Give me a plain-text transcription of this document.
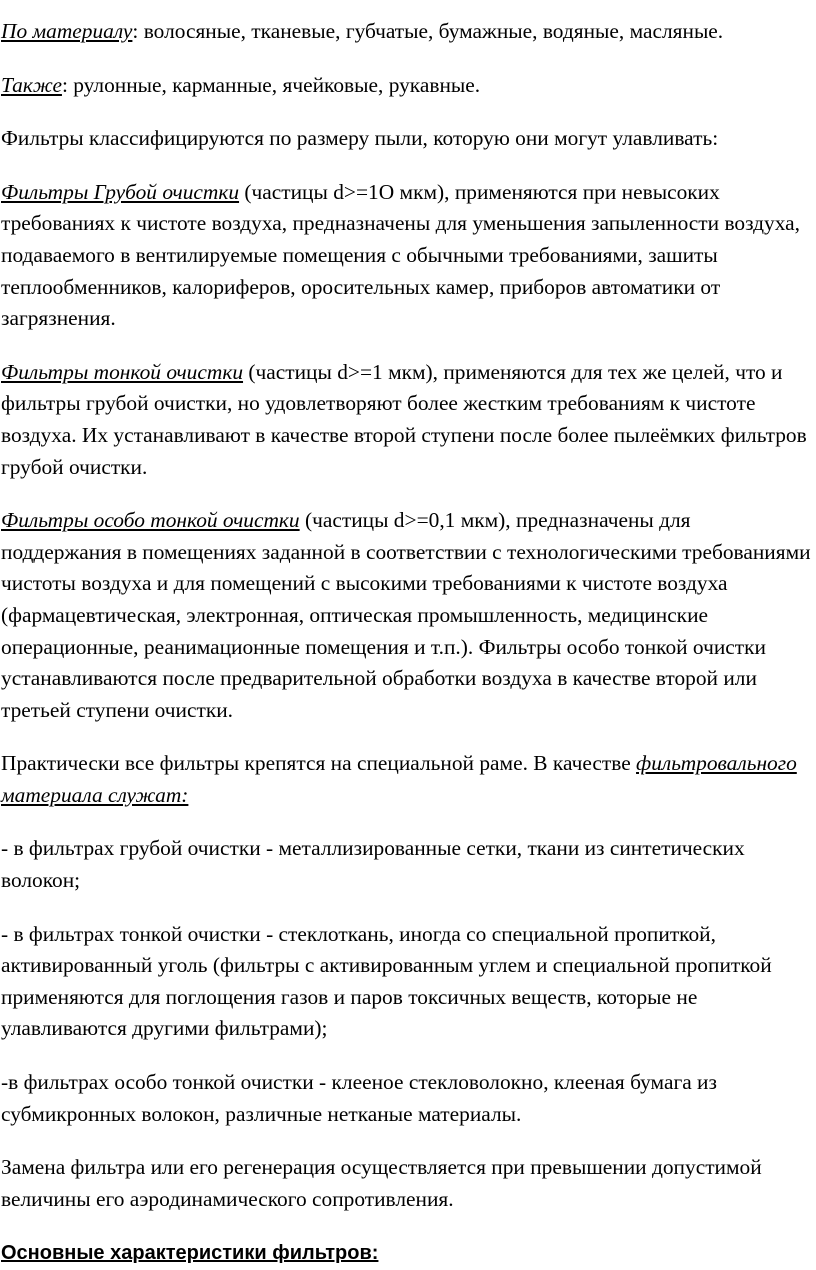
По материалу: волосяные, тканевые, губчатые, бумажные, водяные, масляные.

Также: рулонные, карманные, ячейковые, рукавные.

Фильтры классифицируются по размеру пыли, которую они могут улавливать:

Фильтры Грубой очистки (частицы d>=1О мкм), применяются при невысоких требованиях к чистоте воздуха, предназначены для уменьшения запыленности воздуха, подаваемого в вентилируемые помещения с обычными требованиями, зашиты теплообменников, калориферов, оросительных камер, приборов автоматики от загрязнения.

Фильтры тонкой очистки (частицы d>=1 мкм), применяются для тех же целей, что и фильтры грубой очистки, но удовлетворяют более жестким требованиям к чистоте воздуха. Их устанавливают в качестве второй ступени после более пылеёмких фильтров грубой очистки.

Фильтры особо тонкой очистки (частицы d>=0,1 мкм), предназначены для поддержания в помещениях заданной в соответствии с технологическими требованиями чистоты воздуха и для помещений с высокими требованиями к чистоте воздуха (фармацевтическая, электронная, оптическая промышленность, медицинские операционные, реанимационные помещения и т.п.). Фильтры особо тонкой очистки устанавливаются после предварительной обработки воздуха в качестве второй или третьей ступени очистки.

Практически все фильтры крепятся на специальной раме. В качестве фильтровального материала служат:

- в фильтрах грубой очистки - металлизированные сетки, ткани из синтетических волокон;

- в фильтрах тонкой очистки - стеклоткань, иногда со специальной пропиткой, активированный уголь (фильтры с активированным углем и специальной пропиткой применяются для поглощения газов и паров токсичных веществ, которые не улавливаются другими фильтрами);

-в фильтрах особо тонкой очистки - клееное стекловолокно, клееная бумага из субмикронных волокон, различные нетканые материалы.

Замена фильтра или его регенерация осуществляется при превышении допустимой величины его аэродинамического сопротивления.

Основные характеристики фильтров:
